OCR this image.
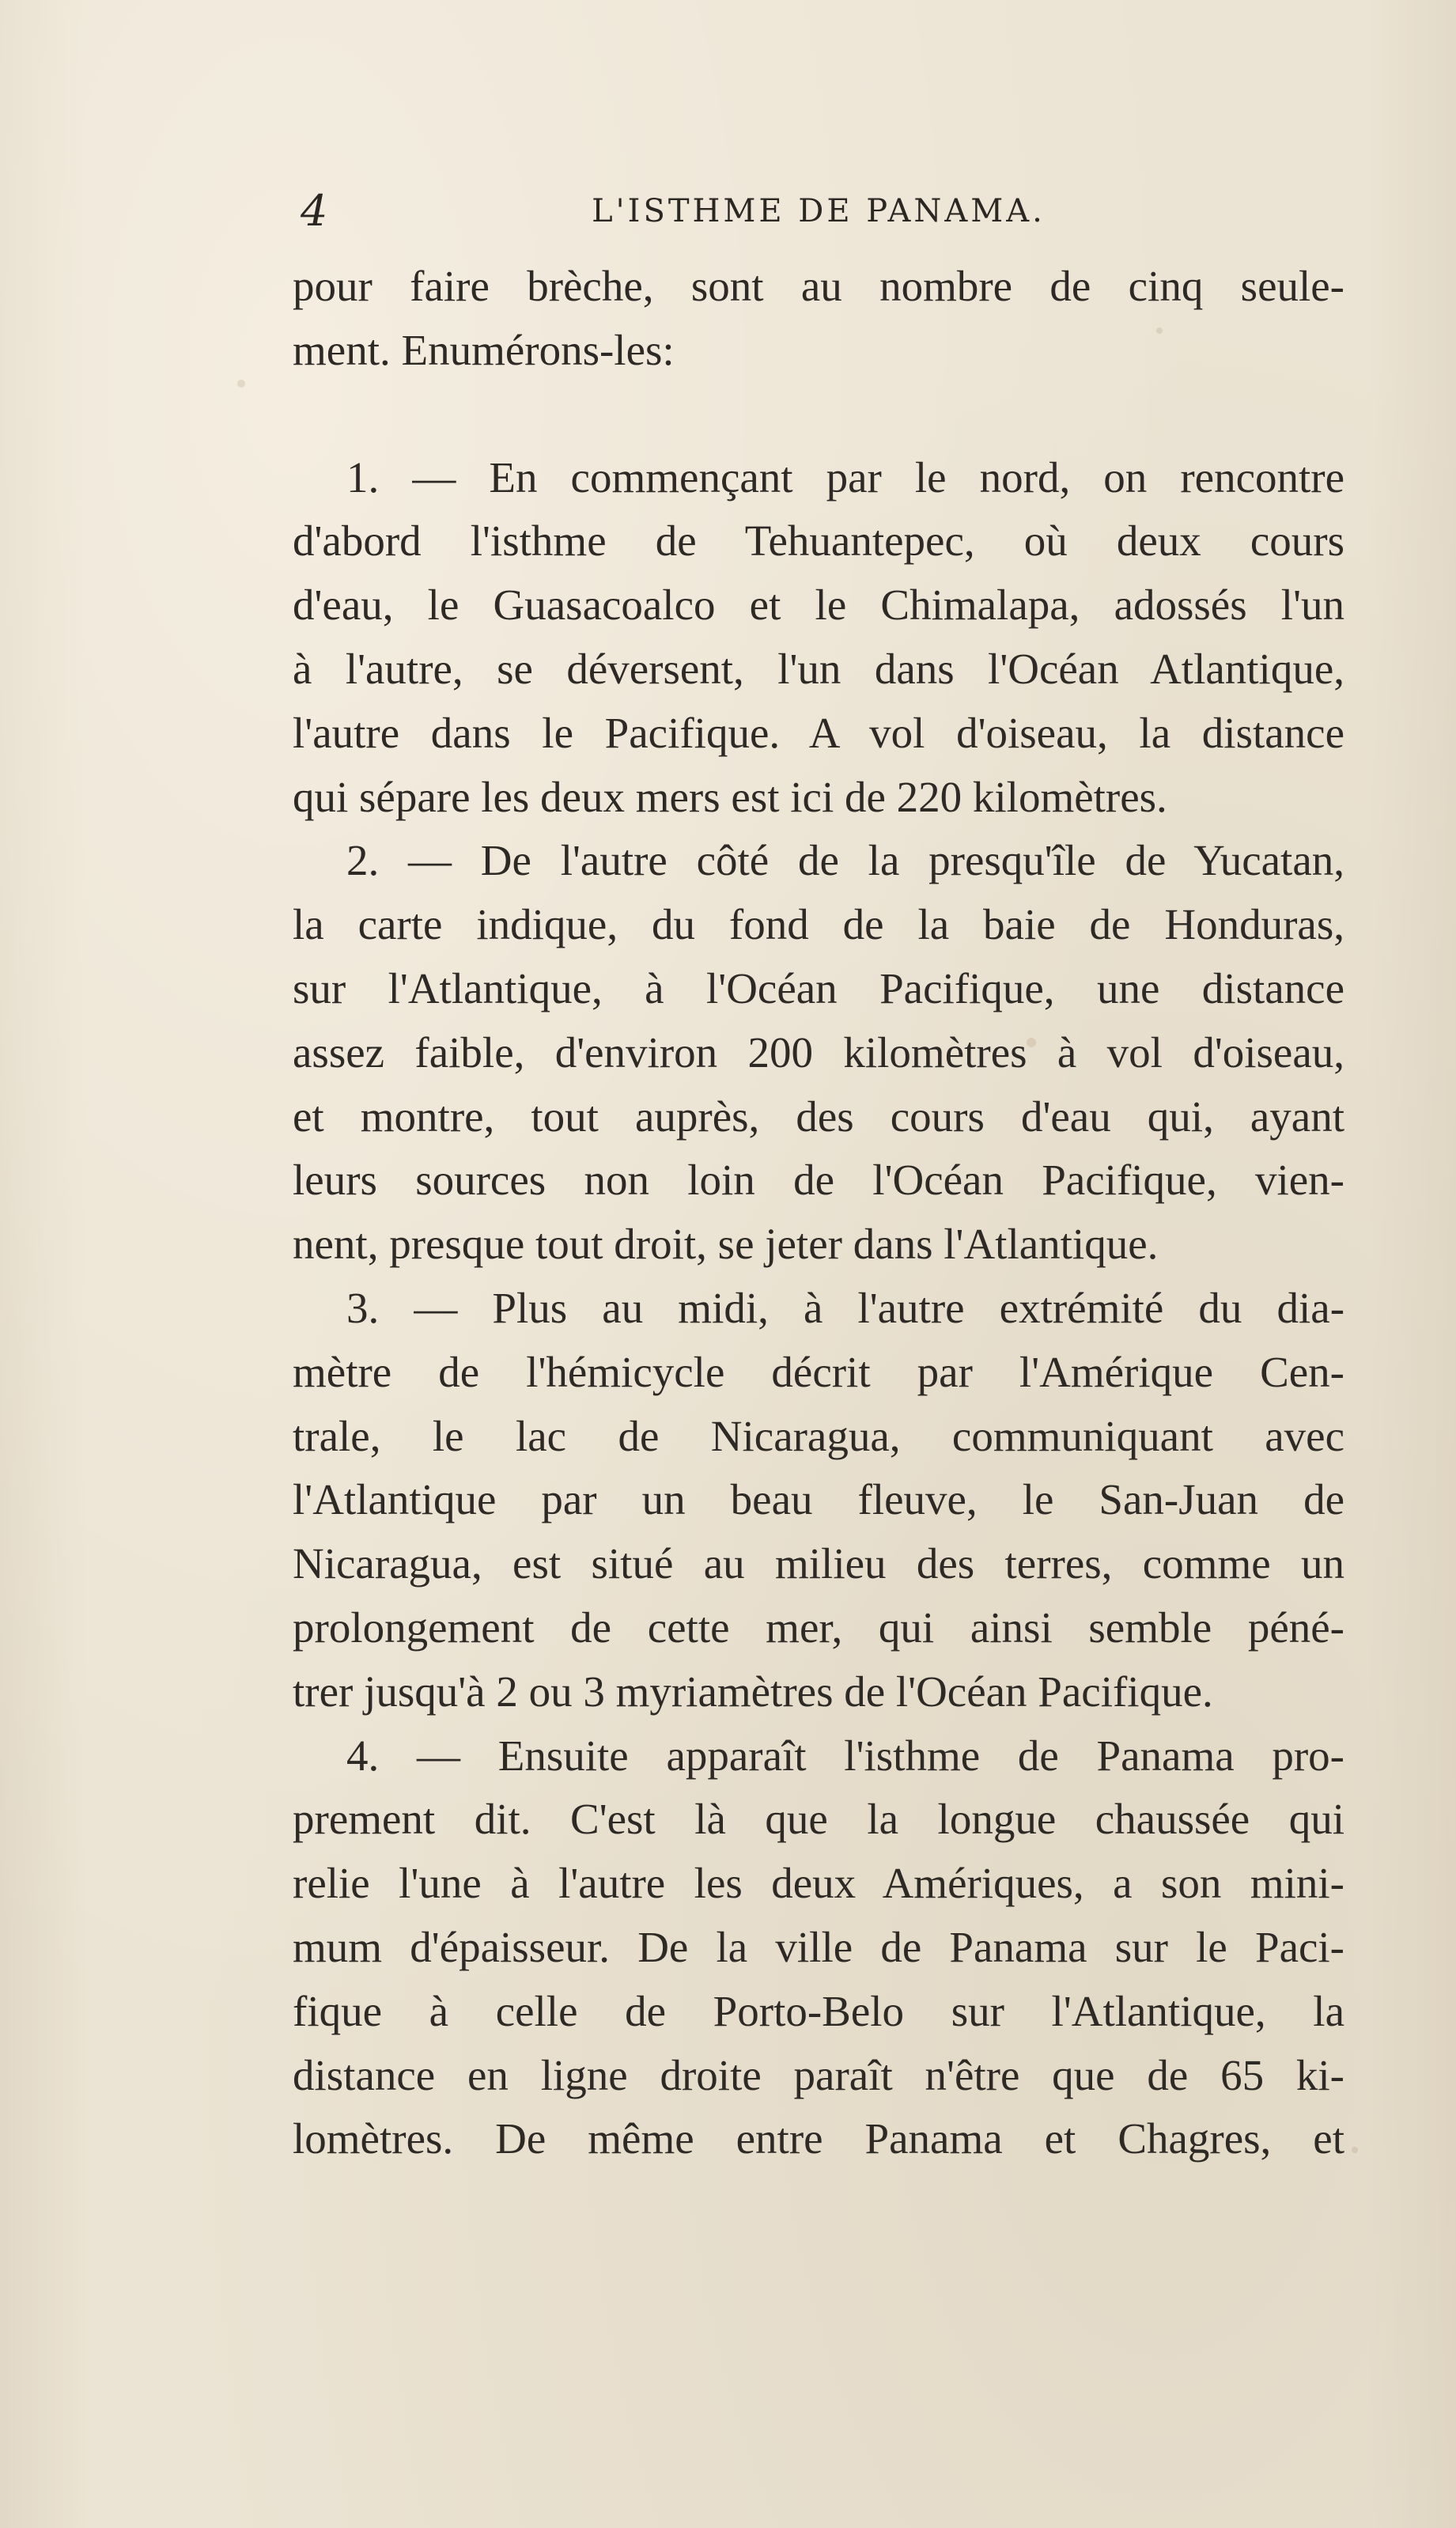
4	L'ISTHME DE PANAMA.
pour faire brèche, sont au nombre de cinq seule-
ment. Enumérons-les:
1. — En commençant par le nord, on rencontre
d'abord l'isthme de Tehuantepec, où deux cours
d'eau, le Guasacoalco et le Chimalapa, adossés l'un
à l'autre, se déversent, l'un dans l'Océan Atlantique,
l'autre dans le Pacifique. A vol d'oiseau, la distance
qui sépare les deux mers est ici de 220 kilomètres.
2. — De l'autre côté de la presqu'île de Yucatan,
la carte indique, du fond de la baie de Honduras,
sur l'Atlantique, à l'Océan Pacifique, une distance
assez faible, d'environ 200 kilomètres à vol d'oiseau,
et montre, tout auprès, des cours d'eau qui, ayant
leurs sources non loin de l'Océan Pacifique, vien-
nent, presque tout droit, se jeter dans l'Atlantique.
3. — Plus au midi, à l'autre extrémité du dia-
mètre de l'hémicycle décrit par l'Amérique Cen-
trale, le lac de Nicaragua, communiquant avec
l'Atlantique par un beau fleuve, le San-Juan de
Nicaragua, est situé au milieu des terres, comme un
prolongement de cette mer, qui ainsi semble péné-
trer jusqu'à 2 ou 3 myriamètres de l'Océan Pacifique.
4. — Ensuite apparaît l'isthme de Panama pro-
prement dit. C'est là que la longue chaussée qui
relie l'une à l'autre les deux Amériques, a son mini-
mum d'épaisseur. De la ville de Panama sur le Paci-
fique à celle de Porto-Belo sur l'Atlantique, la
distance en ligne droite paraît n'être que de 65 ki-
lomètres. De même entre Panama et Chagres, et
